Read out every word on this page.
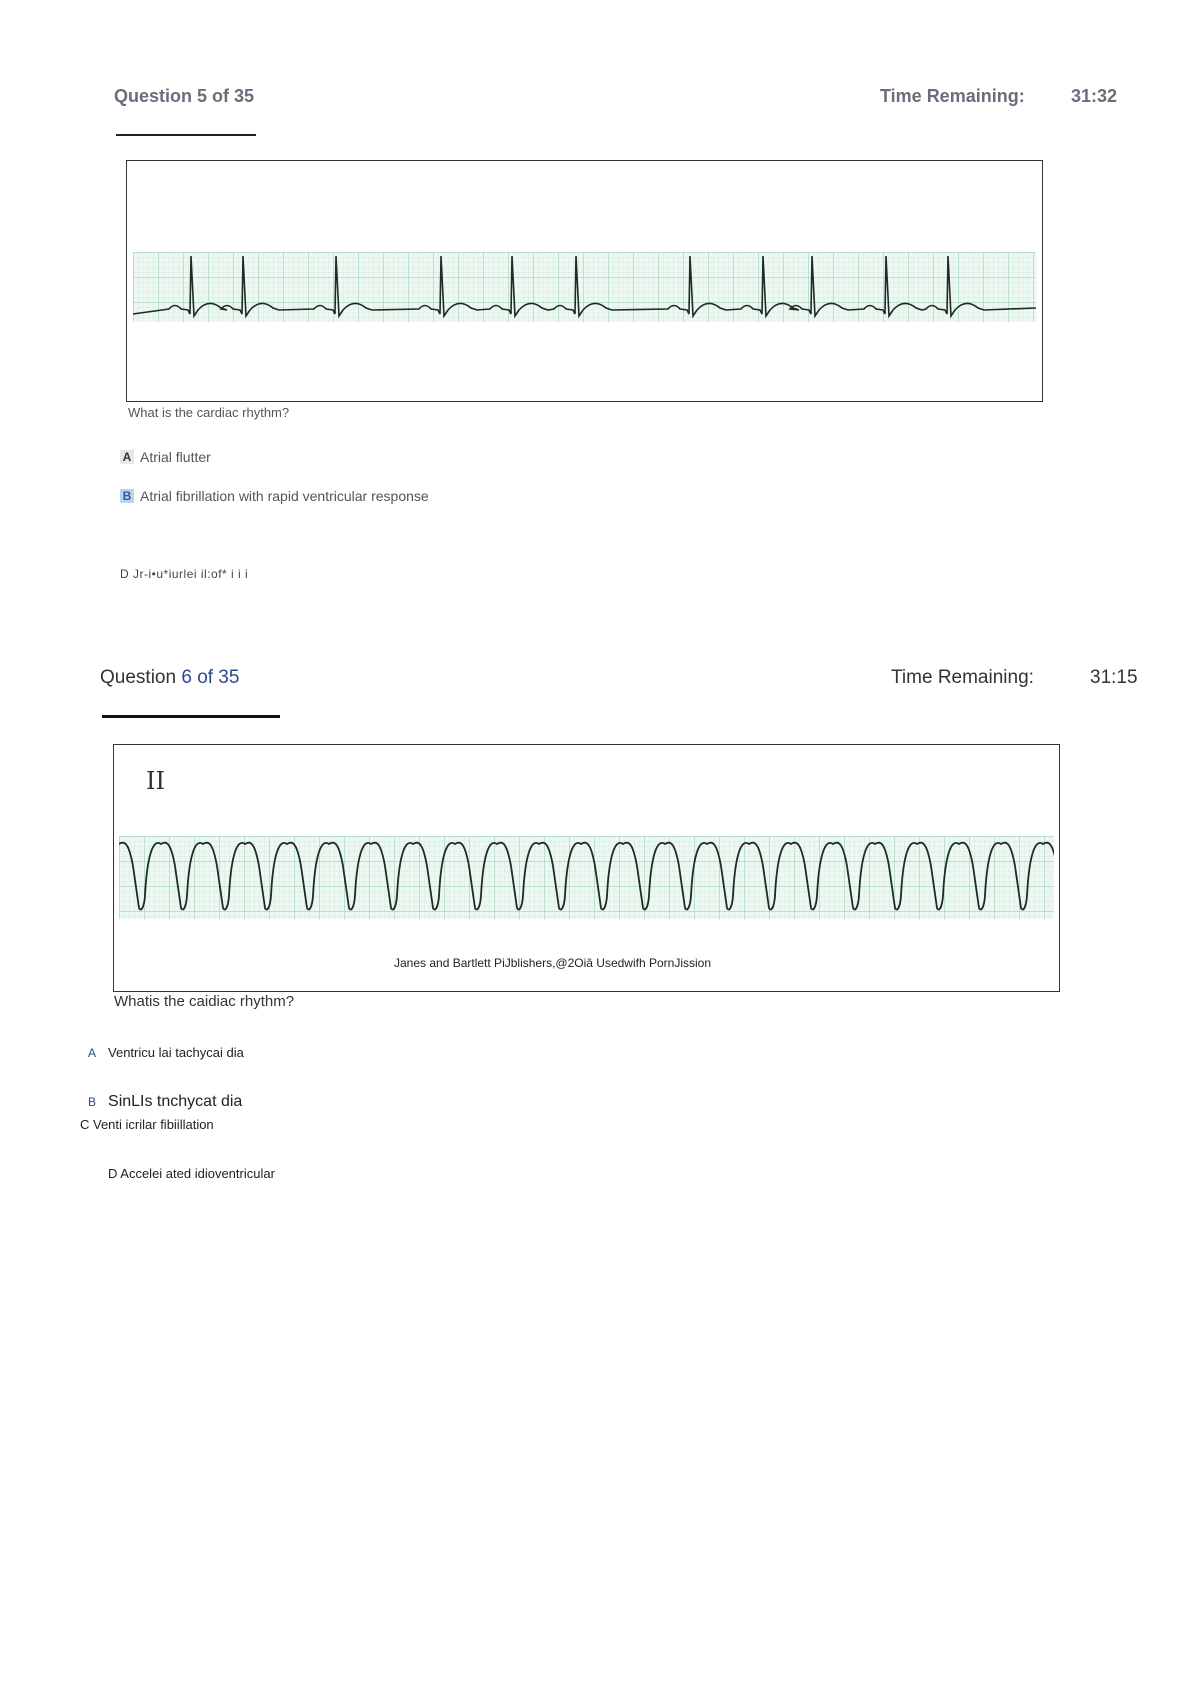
Question 5 of 35	Time Remaining:	31:32
What is the cardiac rhythm?
A Atrial flutter
B Atrial fibrillation with rapid ventricular response
D Jr-i•u*iurlei il:of* i i i
Question 6 of 35	Time Remaining:	31:15
II
Janes and Bartlett PiJblishers,@2Oiâ Usedwifh PornJission
Whatis the caidiac rhythm?
A Ventricu lai tachycai dia
B SinLIs tnchycat dia
C Venti icrilar fibiillation
D Accelei ated idioventricular
